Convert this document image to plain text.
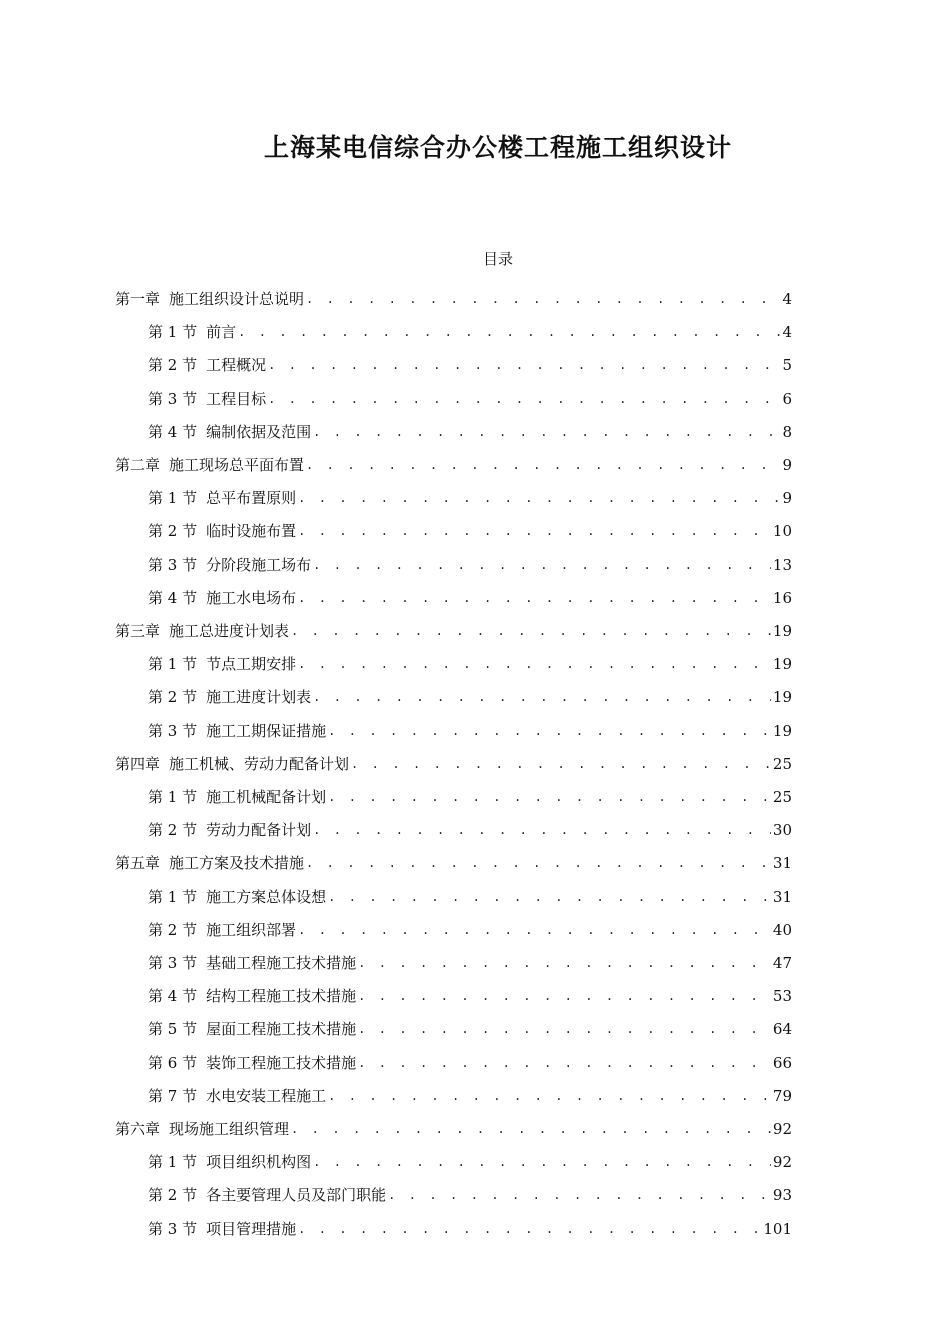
上海某电信综合办公楼工程施工组织设计
目录
第一章 施工组织设计总说明 . . .	4
第 1 节 前言 . . .	4
第 2 节 工程概况 . . .	5
第 3 节 工程目标 . . .	6
第 4 节 编制依据及范围 . . .	8
第二章 施工现场总平面布置 . . .	9
第 1 节 总平布置原则 . . .	9
第 2 节 临时设施布置 . . .	10
第 3 节 分阶段施工场布 . . .	13
第 4 节 施工水电场布 . . .	16
第三章 施工总进度计划表 . . .	19
第 1 节 节点工期安排 . . .	19
第 2 节 施工进度计划表 . . .	19
第 3 节 施工工期保证措施 . . .	19
第四章 施工机械、劳动力配备计划 . . .	25
第 1 节 施工机械配备计划 . . .	25
第 2 节 劳动力配备计划 . . .	30
第五章 施工方案及技术措施 . . .	31
第 1 节 施工方案总体设想 . . .	31
第 2 节 施工组织部署 . . .	40
第 3 节 基础工程施工技术措施 . . .	47
第 4 节 结构工程施工技术措施 . . .	53
第 5 节 屋面工程施工技术措施 . . .	64
第 6 节 装饰工程施工技术措施 . . .	66
第 7 节 水电安装工程施工 . . .	79
第六章 现场施工组织管理 . . .	92
第 1 节 项目组织机构图 . . .	92
第 2 节 各主要管理人员及部门职能 . . .	93
第 3 节 项目管理措施 . . .	101
